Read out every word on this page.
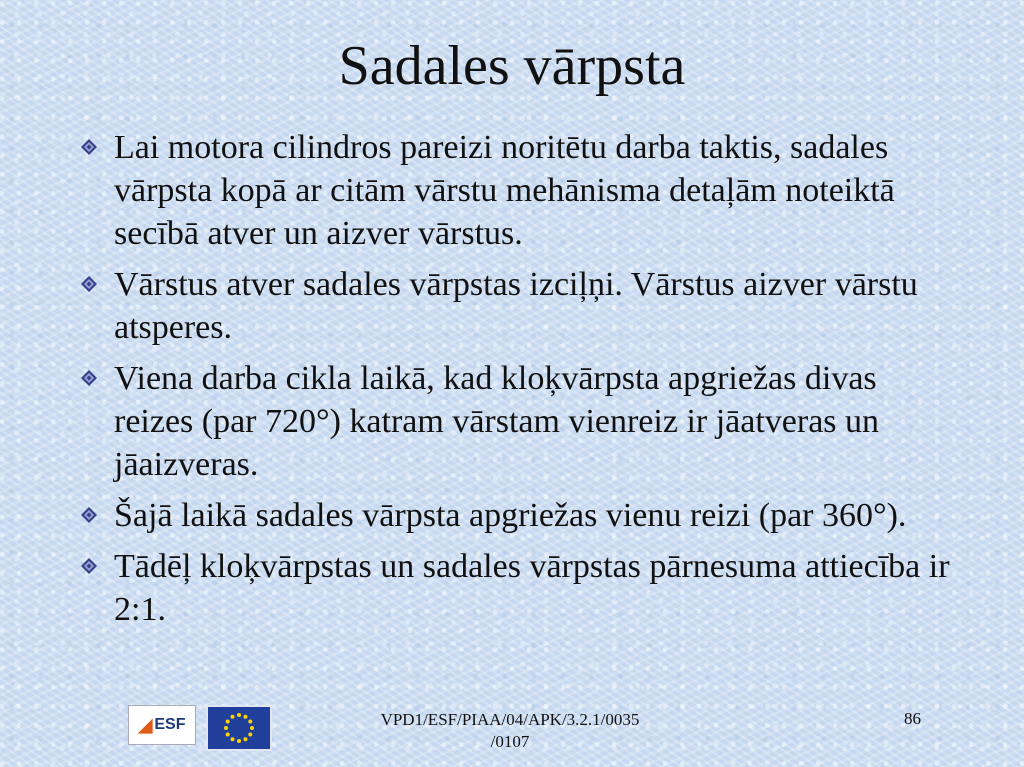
Sadales vārpsta
Lai motora cilindros pareizi noritētu darba taktis, sadales vārpsta kopā ar citām vārstu mehānisma detaļām noteiktā secībā atver un aizver vārstus.
Vārstus atver sadales vārpstas izciļņi. Vārstus aizver vārstu atsperes.
Viena darba cikla laikā, kad kloķvārpsta apgriežas divas reizes (par 720°) katram vārstam vienreiz ir jāatveras un jāaizveras.
Šajā laikā sadales vārpsta apgriežas vienu reizi (par 360°).
Tādēļ kloķvārpstas un sadales vārpstas pārnesuma attiecība ir 2:1.
◢ ESF	VPD1/ESF/PIAA/04/APK/3.2.1/0035
/0107
86
